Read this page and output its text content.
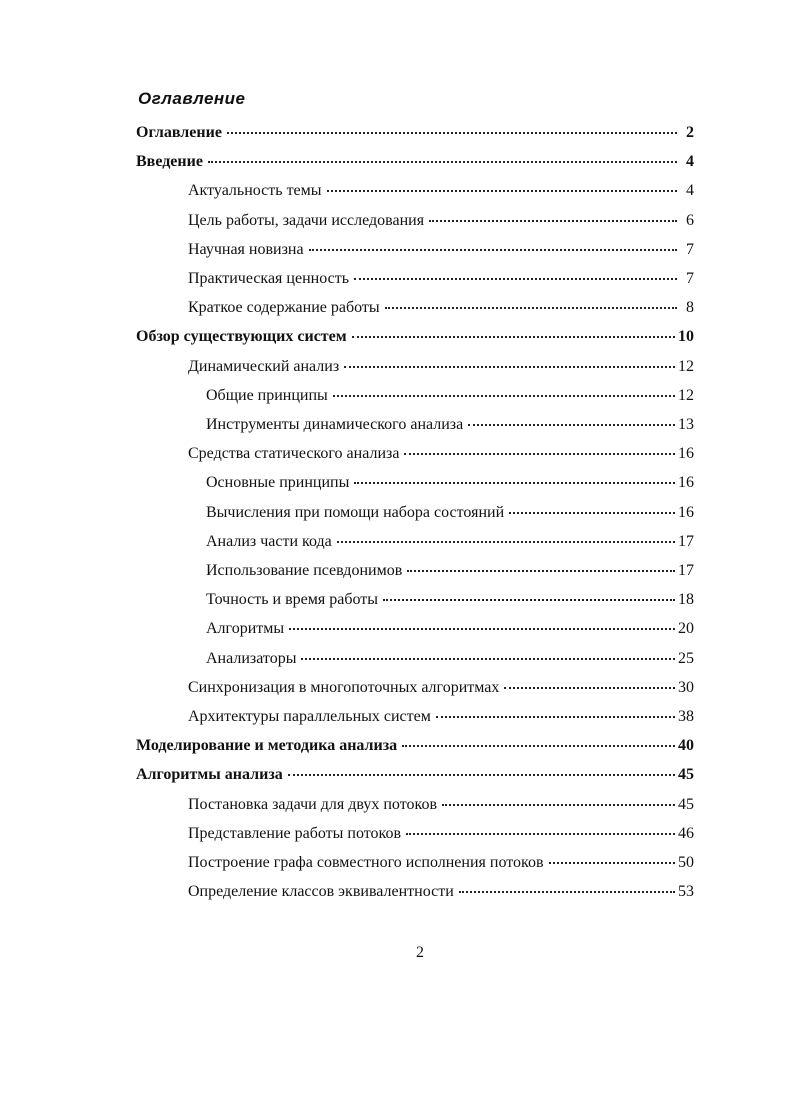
Оглавление
Оглавление	2
Введение	4
Актуальность темы	4
Цель работы, задачи исследования	6
Научная новизна	7
Практическая ценность	7
Краткое содержание работы	8
Обзор существующих систем	10
Динамический анализ	12
Общие принципы	12
Инструменты динамического анализа	13
Средства статического анализа	16
Основные принципы	16
Вычисления при помощи набора состояний	16
Анализ части кода	17
Использование псевдонимов	17
Точность и время работы	18
Алгоритмы	20
Анализаторы	25
Синхронизация в многопоточных алгоритмах	30
Архитектуры параллельных систем	38
Моделирование и методика анализа	40
Алгоритмы анализа	45
Постановка задачи для двух потоков	45
Представление работы потоков	46
Построение графа совместного исполнения потоков	50
Определение классов эквивалентности	53
2
